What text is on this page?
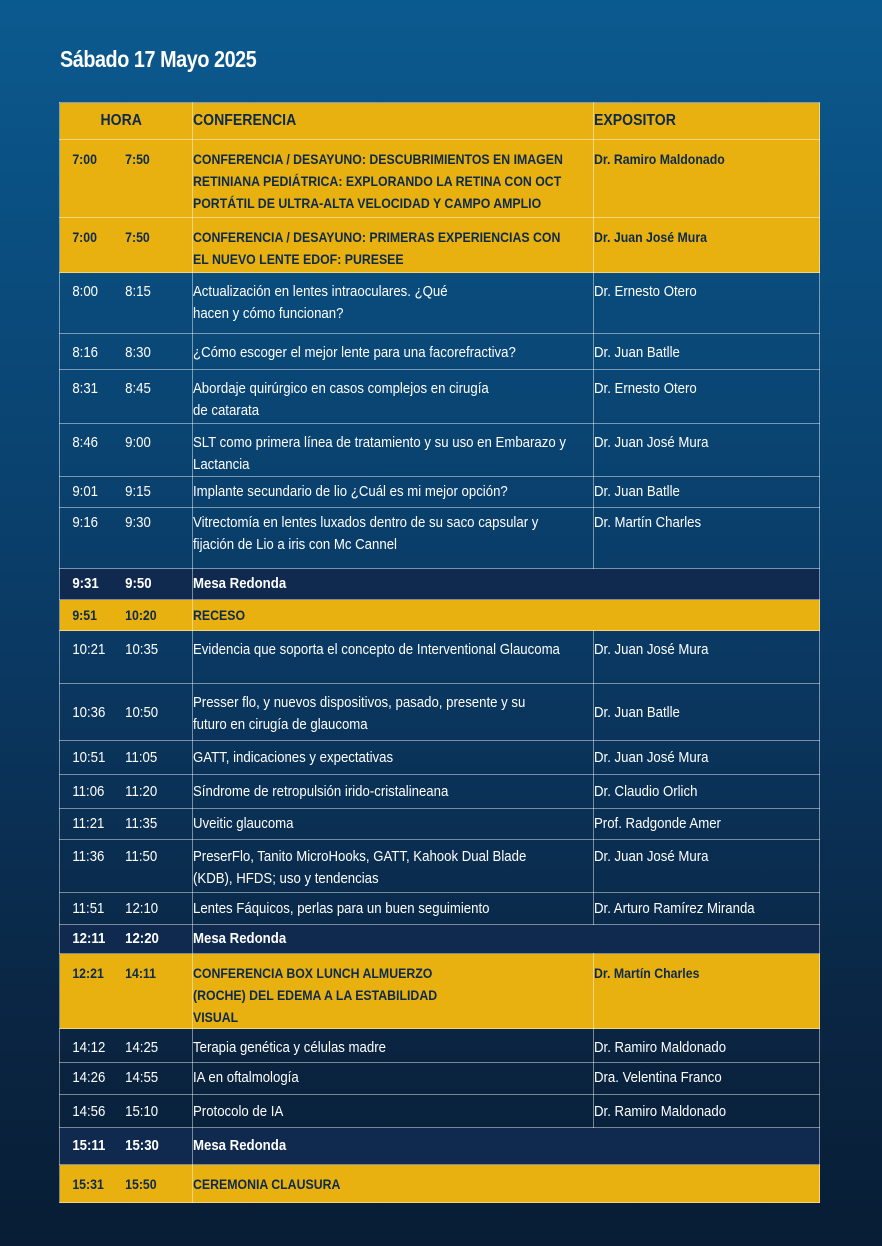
Sábado 17 Mayo 2025
HORA	CONFERENCIA	EXPOSITOR

7:00 7:50	CONFERENCIA / DESAYUNO: DESCUBRIMIENTOS EN IMAGEN RETINIANA PEDIÁTRICA: EXPLORANDO LA RETINA CON OCT PORTÁTIL DE ULTRA-ALTA VELOCIDAD Y CAMPO AMPLIO	Dr. Ramiro Maldonado

7:00 7:50	CONFERENCIA / DESAYUNO: PRIMERAS EXPERIENCIAS CON EL NUEVO LENTE EDOF: PURESEE	Dr. Juan José Mura

8:00 8:15	Actualización en lentes intraoculares. ¿Qué hacen y cómo funcionan?	Dr. Ernesto Otero

8:16 8:30	¿Cómo escoger el mejor lente para una facorefractiva?	Dr. Juan Batlle

8:31 8:45	Abordaje quirúrgico en casos complejos en cirugía de catarata	Dr. Ernesto Otero

8:46 9:00	SLT como primera línea de tratamiento y su uso en Embarazo y Lactancia	Dr. Juan José Mura

9:01 9:15	Implante secundario de lio ¿Cuál es mi mejor opción?	Dr. Juan Batlle

9:16 9:30	Vitrectomía en lentes luxados dentro de su saco capsular y fijación de Lio a iris con Mc Cannel	Dr. Martín Charles

9:31 9:50	Mesa Redonda	

9:51 10:20	RECESO	

10:21 10:35	Evidencia que soporta el concepto de Interventional Glaucoma	Dr. Juan José Mura

10:36 10:50	Presser flo, y nuevos dispositivos, pasado, presente y su futuro en cirugía de glaucoma	Dr. Juan Batlle

10:51 11:05	GATT, indicaciones y expectativas	Dr. Juan José Mura

11:06 11:20	Síndrome de retropulsión irido-cristalineana	Dr. Claudio Orlich

11:21 11:35	Uveitic glaucoma	Prof. Radgonde Amer

11:36 11:50	PreserFlo, Tanito MicroHooks, GATT, Kahook Dual Blade (KDB), HFDS; uso y tendencias	Dr. Juan José Mura

11:51 12:10	Lentes Fáquicos, perlas para un buen seguimiento	Dr. Arturo Ramírez Miranda

12:11 12:20	Mesa Redonda	

12:21 14:11	CONFERENCIA BOX LUNCH ALMUERZO (ROCHE) DEL EDEMA A LA ESTABILIDAD VISUAL	Dr. Martín Charles

14:12 14:25	Terapia genética y células madre	Dr. Ramiro Maldonado

14:26 14:55	IA en oftalmología	Dra. Velentina Franco

14:56 15:10	Protocolo de IA	Dr. Ramiro Maldonado

15:11 15:30	Mesa Redonda	

15:31 15:50	CEREMONIA CLAUSURA	
